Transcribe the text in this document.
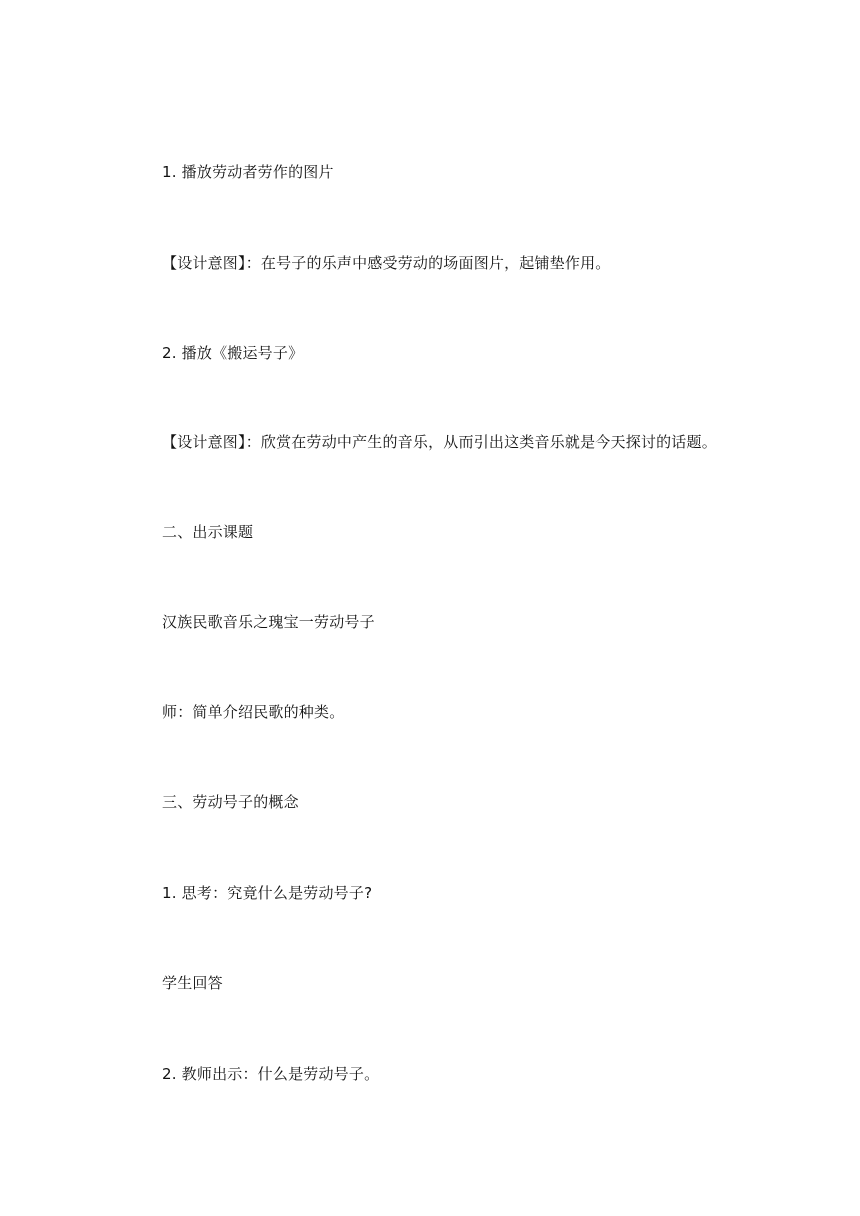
1. 播放劳动者劳作的图片
【设计意图】：在号子的乐声中感受劳动的场面图片，起铺垫作用。
2. 播放《搬运号子》
【设计意图】：欣赏在劳动中产生的音乐，从而引出这类音乐就是今天探讨的话题。
二、出示课题
汉族民歌音乐之瑰宝一劳动号子
师：简单介绍民歌的种类。
三、劳动号子的概念
1. 思考：究竟什么是劳动号子?
学生回答
2. 教师出示：什么是劳动号子。
